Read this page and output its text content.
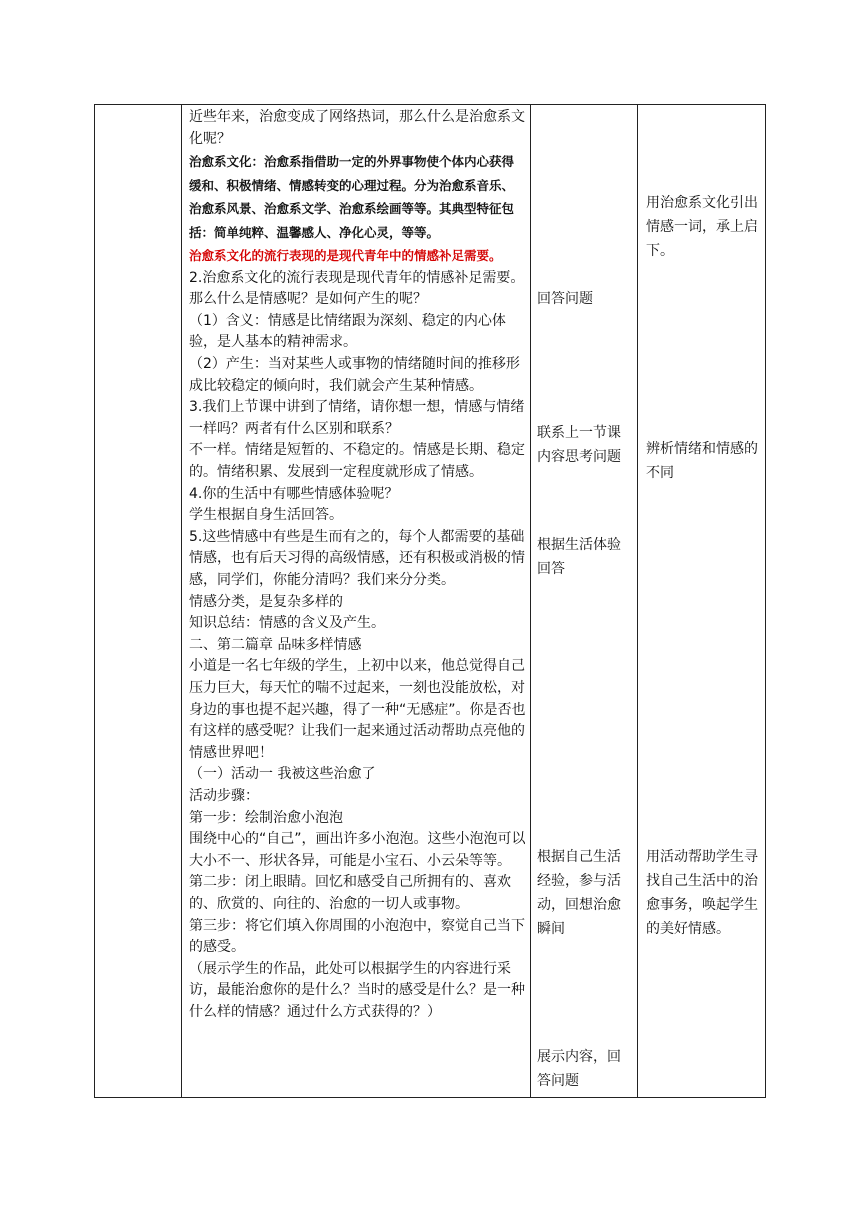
近些年来，治愈变成了网络热词，那么什么是治愈系文化呢？

治愈系文化：治愈系指借助一定的外界事物使个体内心获得缓和、积极情绪、情感转变的心理过程。分为治愈系音乐、治愈系风景、治愈系文学、治愈系绘画等等。其典型特征包括：简单纯粹、温馨感人、净化心灵，等等。

治愈系文化的流行表现的是现代青年中的情感补足需要。

2.治愈系文化的流行表现是现代青年的情感补足需要。那么什么是情感呢？是如何产生的呢？

（1）含义：情感是比情绪跟为深刻、稳定的内心体验，是人基本的精神需求。

（2）产生：当对某些人或事物的情绪随时间的推移形成比较稳定的倾向时，我们就会产生某种情感。

3.我们上节课中讲到了情绪，请你想一想，情感与情绪一样吗？两者有什么区别和联系？

不一样。情绪是短暂的、不稳定的。情感是长期、稳定的。情绪积累、发展到一定程度就形成了情感。

4.你的生活中有哪些情感体验呢？

学生根据自身生活回答。

5.这些情感中有些是生而有之的，每个人都需要的基础情感，也有后天习得的高级情感，还有积极或消极的情感，同学们，你能分清吗？我们来分分类。

情感分类，是复杂多样的

知识总结：情感的含义及产生。

二、第二篇章 品味多样情感

小道是一名七年级的学生，上初中以来，他总觉得自己压力巨大，每天忙的喘不过起来，一刻也没能放松，对身边的事也提不起兴趣，得了一种“无感症”。你是否也有这样的感受呢？让我们一起来通过活动帮助点亮他的情感世界吧！

（一）活动一 我被这些治愈了

活动步骤：

第一步：绘制治愈小泡泡

围绕中心的“自己”，画出许多小泡泡。这些小泡泡可以大小不一、形状各异，可能是小宝石、小云朵等等。

第二步：闭上眼睛。回忆和感受自己所拥有的、喜欢的、欣赏的、向往的、治愈的一切人或事物。

第三步：将它们填入你周围的小泡泡中，察觉自己当下的感受。

（展示学生的作品，此处可以根据学生的内容进行采访，最能治愈你的是什么？当时的感受是什么？是一种什么样的情感？通过什么方式获得的？）

回答问题

联系上一节课内容思考问题

根据生活体验回答

根据自己生活经验，参与活动，回想治愈瞬间

展示内容，回答问题

用治愈系文化引出情感一词，承上启下。

辨析情绪和情感的不同

用活动帮助学生寻找自己生活中的治愈事务，唤起学生的美好情感。
